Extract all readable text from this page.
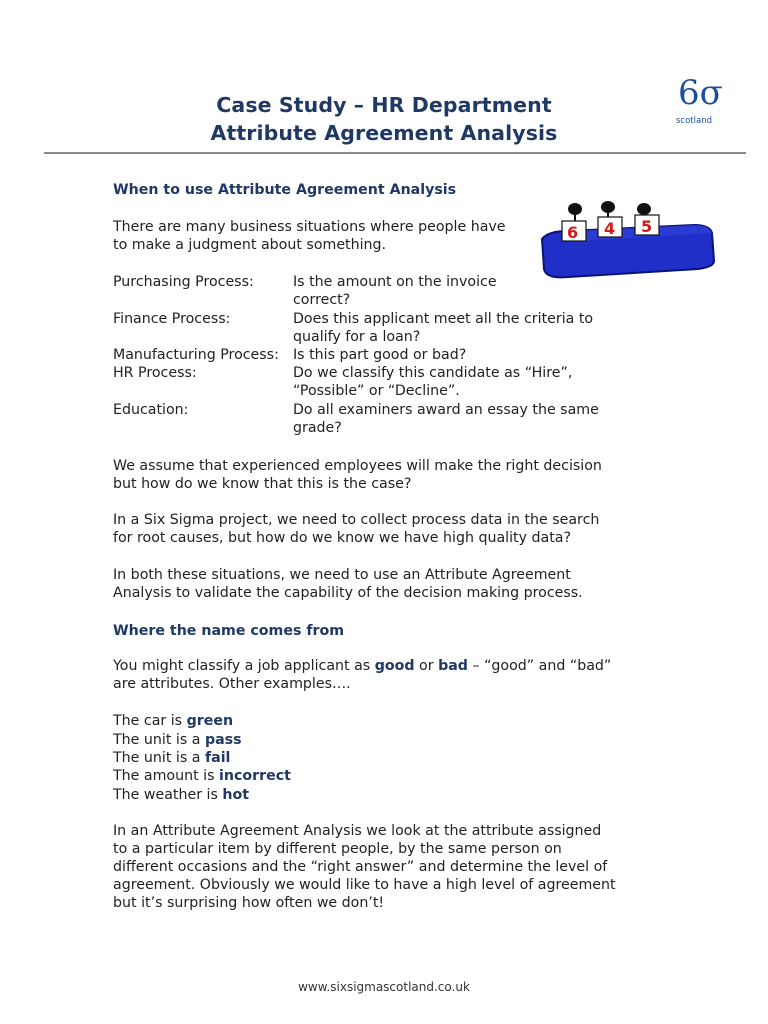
Case Study – HR Department
Attribute Agreement Analysis
6σ
scotland
When to use Attribute Agreement Analysis
There are many business situations where people have
to make a judgment about something.
Purchasing Process:	Is the amount on the invoice
correct?
Finance Process:	Does this applicant meet all the criteria to
qualify for a loan?
Manufacturing Process: Is this part good or bad?
HR Process:	Do we classify this candidate as “Hire”,
“Possible” or “Decline”.
Education:	Do all examiners award an essay the same
grade?
We assume that experienced employees will make the right decision
but how do we know that this is the case?
In a Six Sigma project, we need to collect process data in the search
for root causes, but how do we know we have high quality data?
In both these situations, we need to use an Attribute Agreement
Analysis to validate the capability of the decision making process.
6 4 5
Where the name comes from
You might classify a job applicant as good or bad – “good” and “bad”
are attributes. Other examples….
The car is green
The unit is a pass
The unit is a fail
The amount is incorrect
The weather is hot
In an Attribute Agreement Analysis we look at the attribute assigned
to a particular item by different people, by the same person on
different occasions and the “right answer” and determine the level of
agreement. Obviously we would like to have a high level of agreement
but it’s surprising how often we don’t!
www.sixsigmascotland.co.uk
